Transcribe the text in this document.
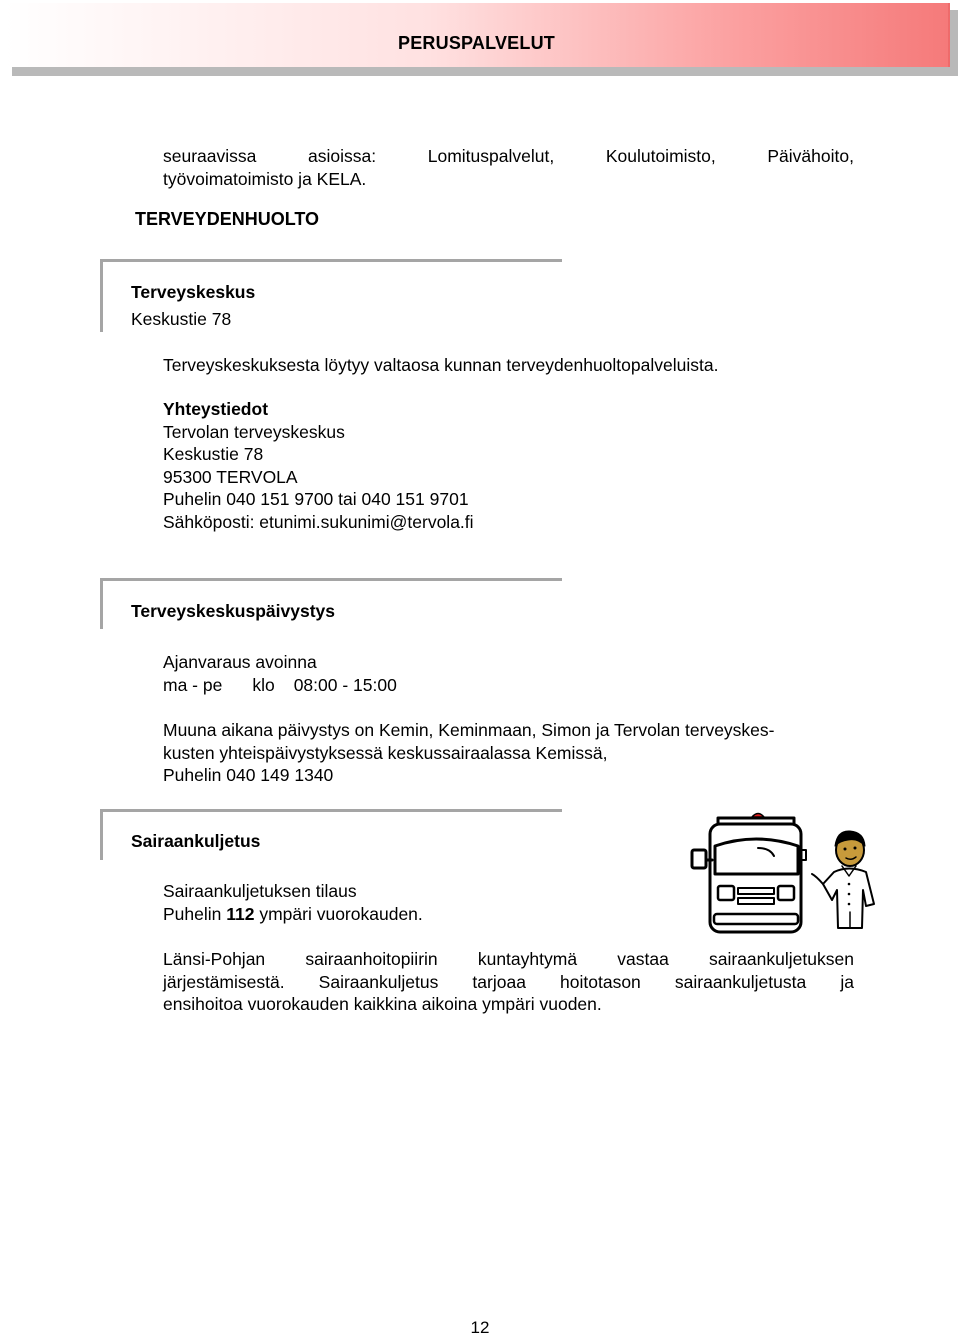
PERUSPALVELUT
seuraavissa	asioissa:	Lomituspalvelut,	Koulutoimisto,	Päivähoito,
työvoimatoimisto ja KELA.
TERVEYDENHUOLTO
Terveyskeskus
Keskustie 78
Terveyskeskuksesta löytyy valtaosa kunnan terveydenhuoltopalveluista.
Yhteystiedot
Tervolan terveyskeskus
Keskustie 78
95300 TERVOLA
Puhelin 040 151 9700 tai 040 151 9701
Sähköposti: etunimi.sukunimi@tervola.fi
Terveyskeskuspäivystys
Ajanvaraus avoinna
ma - pe klo 08:00 - 15:00
Muuna aikana päivystys on Kemin, Keminmaan, Simon ja Tervolan terveyskes-
kusten yhteispäivystyksessä keskussairaalassa Kemissä,
Puhelin 040 149 1340
Sairaankuljetus
Sairaankuljetuksen tilaus
Puhelin 112 ympäri vuorokauden.
Länsi-Pohjan sairaanhoitopiirin kuntayhtymä vastaa sairaankuljetuksen
järjestämisestä. Sairaankuljetus tarjoaa hoitotason sairaankuljetusta ja
ensihoitoa vuorokauden kaikkina aikoina ympäri vuoden.
12
